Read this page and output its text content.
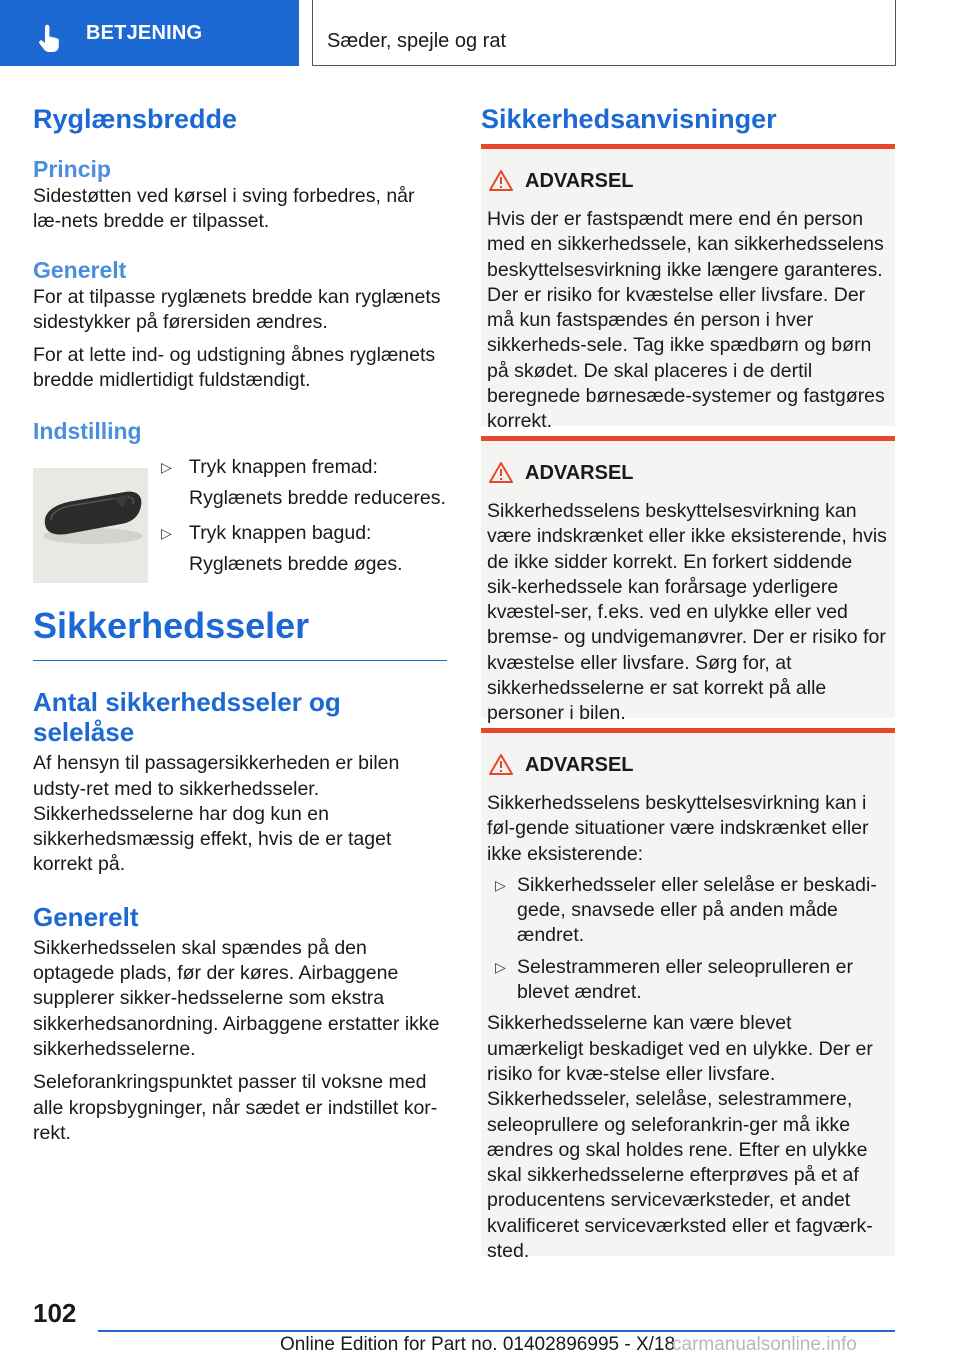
BETJENING	Sæder, spejle og rat
Ryglænsbredde
Princip
Sidestøtten ved kørsel i sving forbedres, når læ-nets bredde er tilpasset.
Generelt
For at tilpasse ryglænets bredde kan ryglænets sidestykker på førersiden ændres.
For at lette ind- og udstigning åbnes ryglænets bredde midlertidigt fuldstændigt.
Indstilling
▷ Tryk knappen fremad:
Ryglænets bredde reduceres.
▷ Tryk knappen bagud:
Ryglænets bredde øges.
Sikkerhedsseler
Antal sikkerhedsseler og selelåse
Af hensyn til passagersikkerheden er bilen udsty-ret med to sikkerhedsseler. Sikkerhedsselerne har dog kun en sikkerhedsmæssig effekt, hvis de er taget korrekt på.
Generelt
Sikkerhedsselen skal spændes på den optagede plads, før der køres. Airbaggene supplerer sikker-hedsselerne som ekstra sikkerhedsanordning. Airbaggene erstatter ikke sikkerhedsselerne.
Seleforankringspunktet passer til voksne med alle kropsbygninger, når sædet er indstillet kor-rekt.
Sikkerhedsanvisninger
ADVARSEL
Hvis der er fastspændt mere end én person med en sikkerhedssele, kan sikkerhedsselens beskyttelsesvirkning ikke længere garanteres. Der er risiko for kvæstelse eller livsfare. Der må kun fastspændes én person i hver sikkerheds-sele. Tag ikke spædbørn og børn på skødet. De skal placeres i de dertil beregnede børnesæde-systemer og fastgøres korrekt.
ADVARSEL
Sikkerhedsselens beskyttelsesvirkning kan være indskrænket eller ikke eksisterende, hvis de ikke sidder korrekt. En forkert siddende sik-kerhedssele kan forårsage yderligere kvæstel-ser, f.eks. ved en ulykke eller ved bremse- og undvigemanøvrer. Der er risiko for kvæstelse eller livsfare. Sørg for, at sikkerhedsselerne er sat korrekt på alle personer i bilen.
ADVARSEL
Sikkerhedsselens beskyttelsesvirkning kan i føl-gende situationer være indskrænket eller ikke eksisterende:
▷ Sikkerhedsseler eller selelåse er beskadi-gede, snavsede eller på anden måde ændret.
▷ Selestrammeren eller seleoprulleren er blevet ændret.
Sikkerhedsselerne kan være blevet umærkeligt beskadiget ved en ulykke. Der er risiko for kvæ-stelse eller livsfare. Sikkerhedsseler, selelåse, selestrammere, seleoprullere og seleforankrin-ger må ikke ændres og skal holdes rene. Efter en ulykke skal sikkerhedsselerne efterprøves på et af producentens serviceværksteder, et andet kvalificeret serviceværksted eller et fagværk-sted.
102
Online Edition for Part no. 01402896995 - X/18
carmanualsonline.info
